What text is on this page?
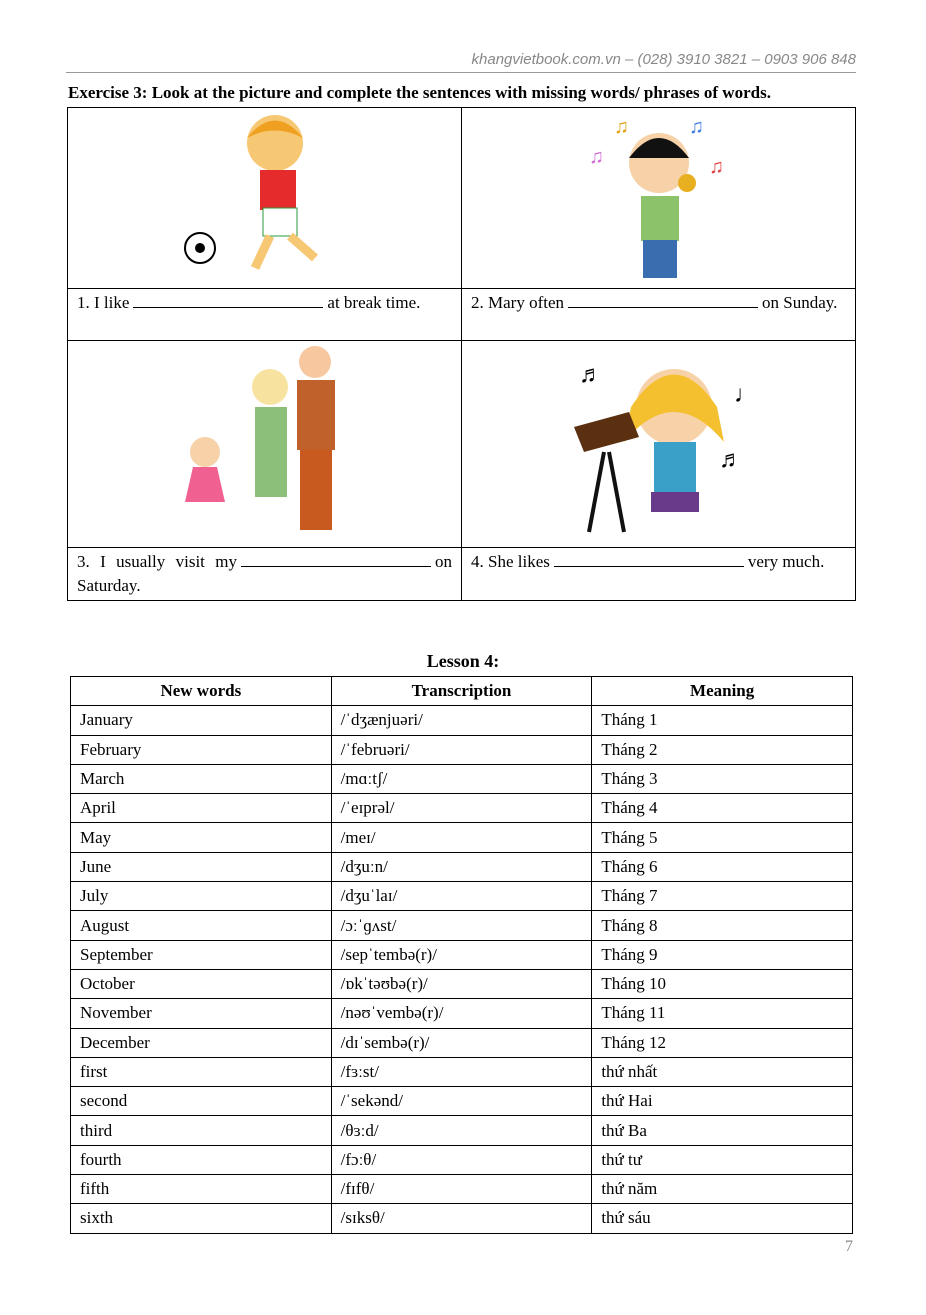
khangvietbook.com.vn – (028) 3910 3821 – 0903 906 848
Exercise 3: Look at the picture and complete the sentences with missing words/ phrases of words.

♫
♫ ♫
♫

1. I like at break time.	2. Mary often on Sunday.

♬
♩
♬

3. I usually visit my on Saturday.	4. She likes very much.
Lesson 4:
New words	Transcription	Meaning
January	/ˈdʒænjuəri/	Tháng 1
February	/ˈfebruəri/	Tháng 2
March	/mɑːtʃ/	Tháng 3
April	/ˈeɪprəl/	Tháng 4
May	/meɪ/	Tháng 5
June	/dʒuːn/	Tháng 6
July	/dʒuˈlaɪ/	Tháng 7
August	/ɔːˈɡʌst/	Tháng 8
September	/sepˈtembə(r)/	Tháng 9
October	/ɒkˈtəʊbə(r)/	Tháng 10
November	/nəʊˈvembə(r)/	Tháng 11
December	/dɪˈsembə(r)/	Tháng 12
first	/fɜːst/	thứ nhất
second	/ˈsekənd/	thứ Hai
third	/θɜːd/	thứ Ba
fourth	/fɔːθ/	thứ tư
fifth	/fɪfθ/	thứ năm
sixth	/sɪksθ/	thứ sáu
7
